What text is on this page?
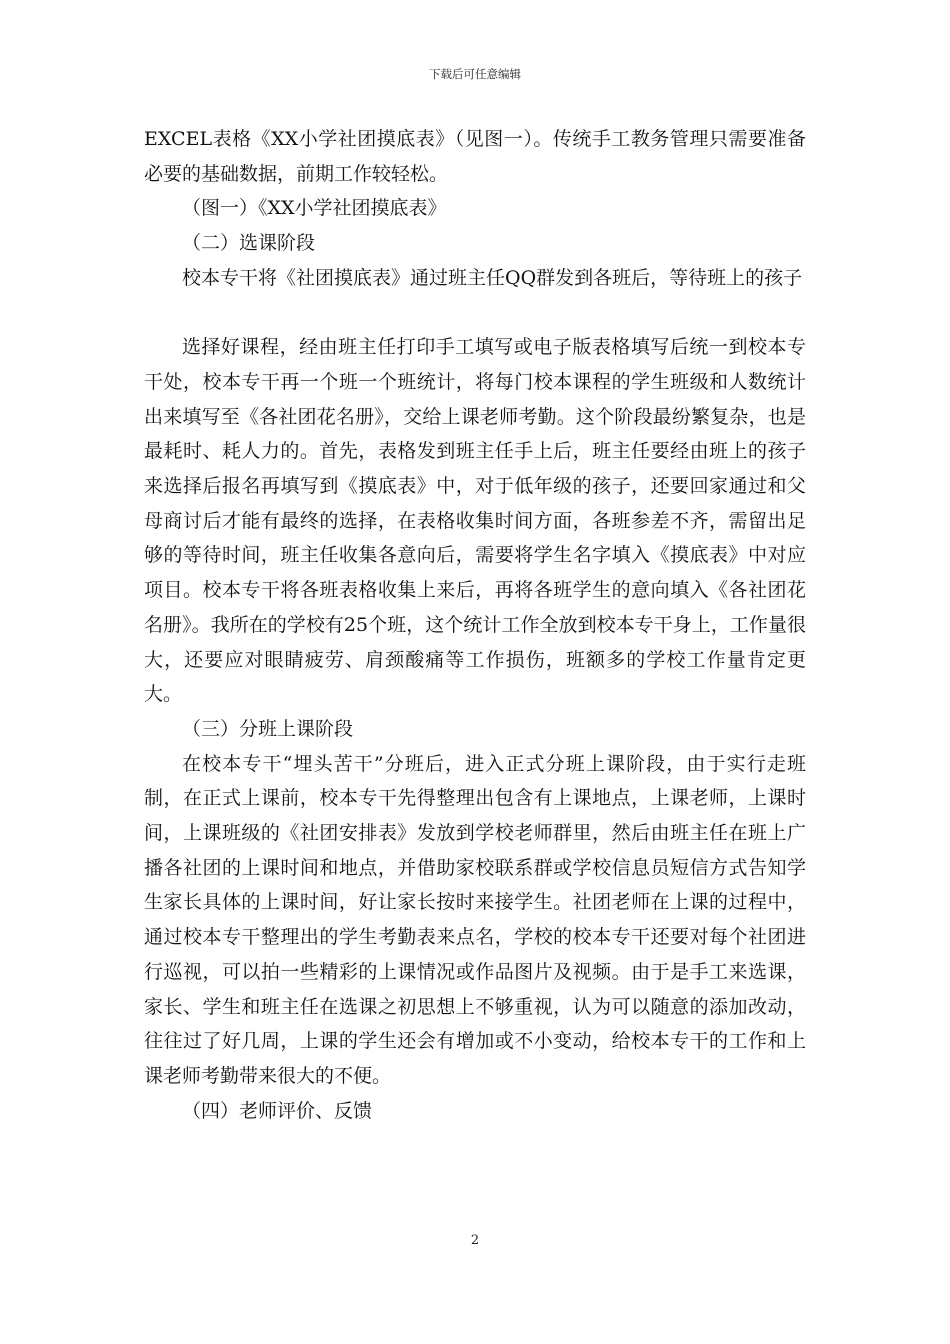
下载后可任意编辑

EXCEL表格《XX小学社团摸底表》（见图一）。传统手工教务管理只需要准备必要的基础数据，前期工作较轻松。

（图一）《XX小学社团摸底表》

（二）选课阶段

校本专干将《社团摸底表》通过班主任QQ群发到各班后，等待班上的孩子

选择好课程，经由班主任打印手工填写或电子版表格填写后统一到校本专干处，校本专干再一个班一个班统计，将每门校本课程的学生班级和人数统计出来填写至《各社团花名册》，交给上课老师考勤。这个阶段最纷繁复杂，也是最耗时、耗人力的。首先，表格发到班主任手上后，班主任要经由班上的孩子来选择后报名再填写到《摸底表》中，对于低年级的孩子，还要回家通过和父母商讨后才能有最终的选择，在表格收集时间方面，各班参差不齐，需留出足够的等待时间，班主任收集各意向后，需要将学生名字填入《摸底表》中对应项目。校本专干将各班表格收集上来后，再将各班学生的意向填入《各社团花名册》。我所在的学校有25个班，这个统计工作全放到校本专干身上，工作量很大，还要应对眼睛疲劳、肩颈酸痛等工作损伤，班额多的学校工作量肯定更大。

（三）分班上课阶段

在校本专干“埋头苦干”分班后，进入正式分班上课阶段，由于实行走班制，在正式上课前，校本专干先得整理出包含有上课地点，上课老师，上课时间，上课班级的《社团安排表》发放到学校老师群里，然后由班主任在班上广播各社团的上课时间和地点，并借助家校联系群或学校信息员短信方式告知学生家长具体的上课时间，好让家长按时来接学生。社团老师在上课的过程中，通过校本专干整理出的学生考勤表来点名，学校的校本专干还要对每个社团进行巡视，可以拍一些精彩的上课情况或作品图片及视频。由于是手工来选课，家长、学生和班主任在选课之初思想上不够重视，认为可以随意的添加改动，往往过了好几周，上课的学生还会有增加或不小变动，给校本专干的工作和上课老师考勤带来很大的不便。

（四）老师评价、反馈

2
